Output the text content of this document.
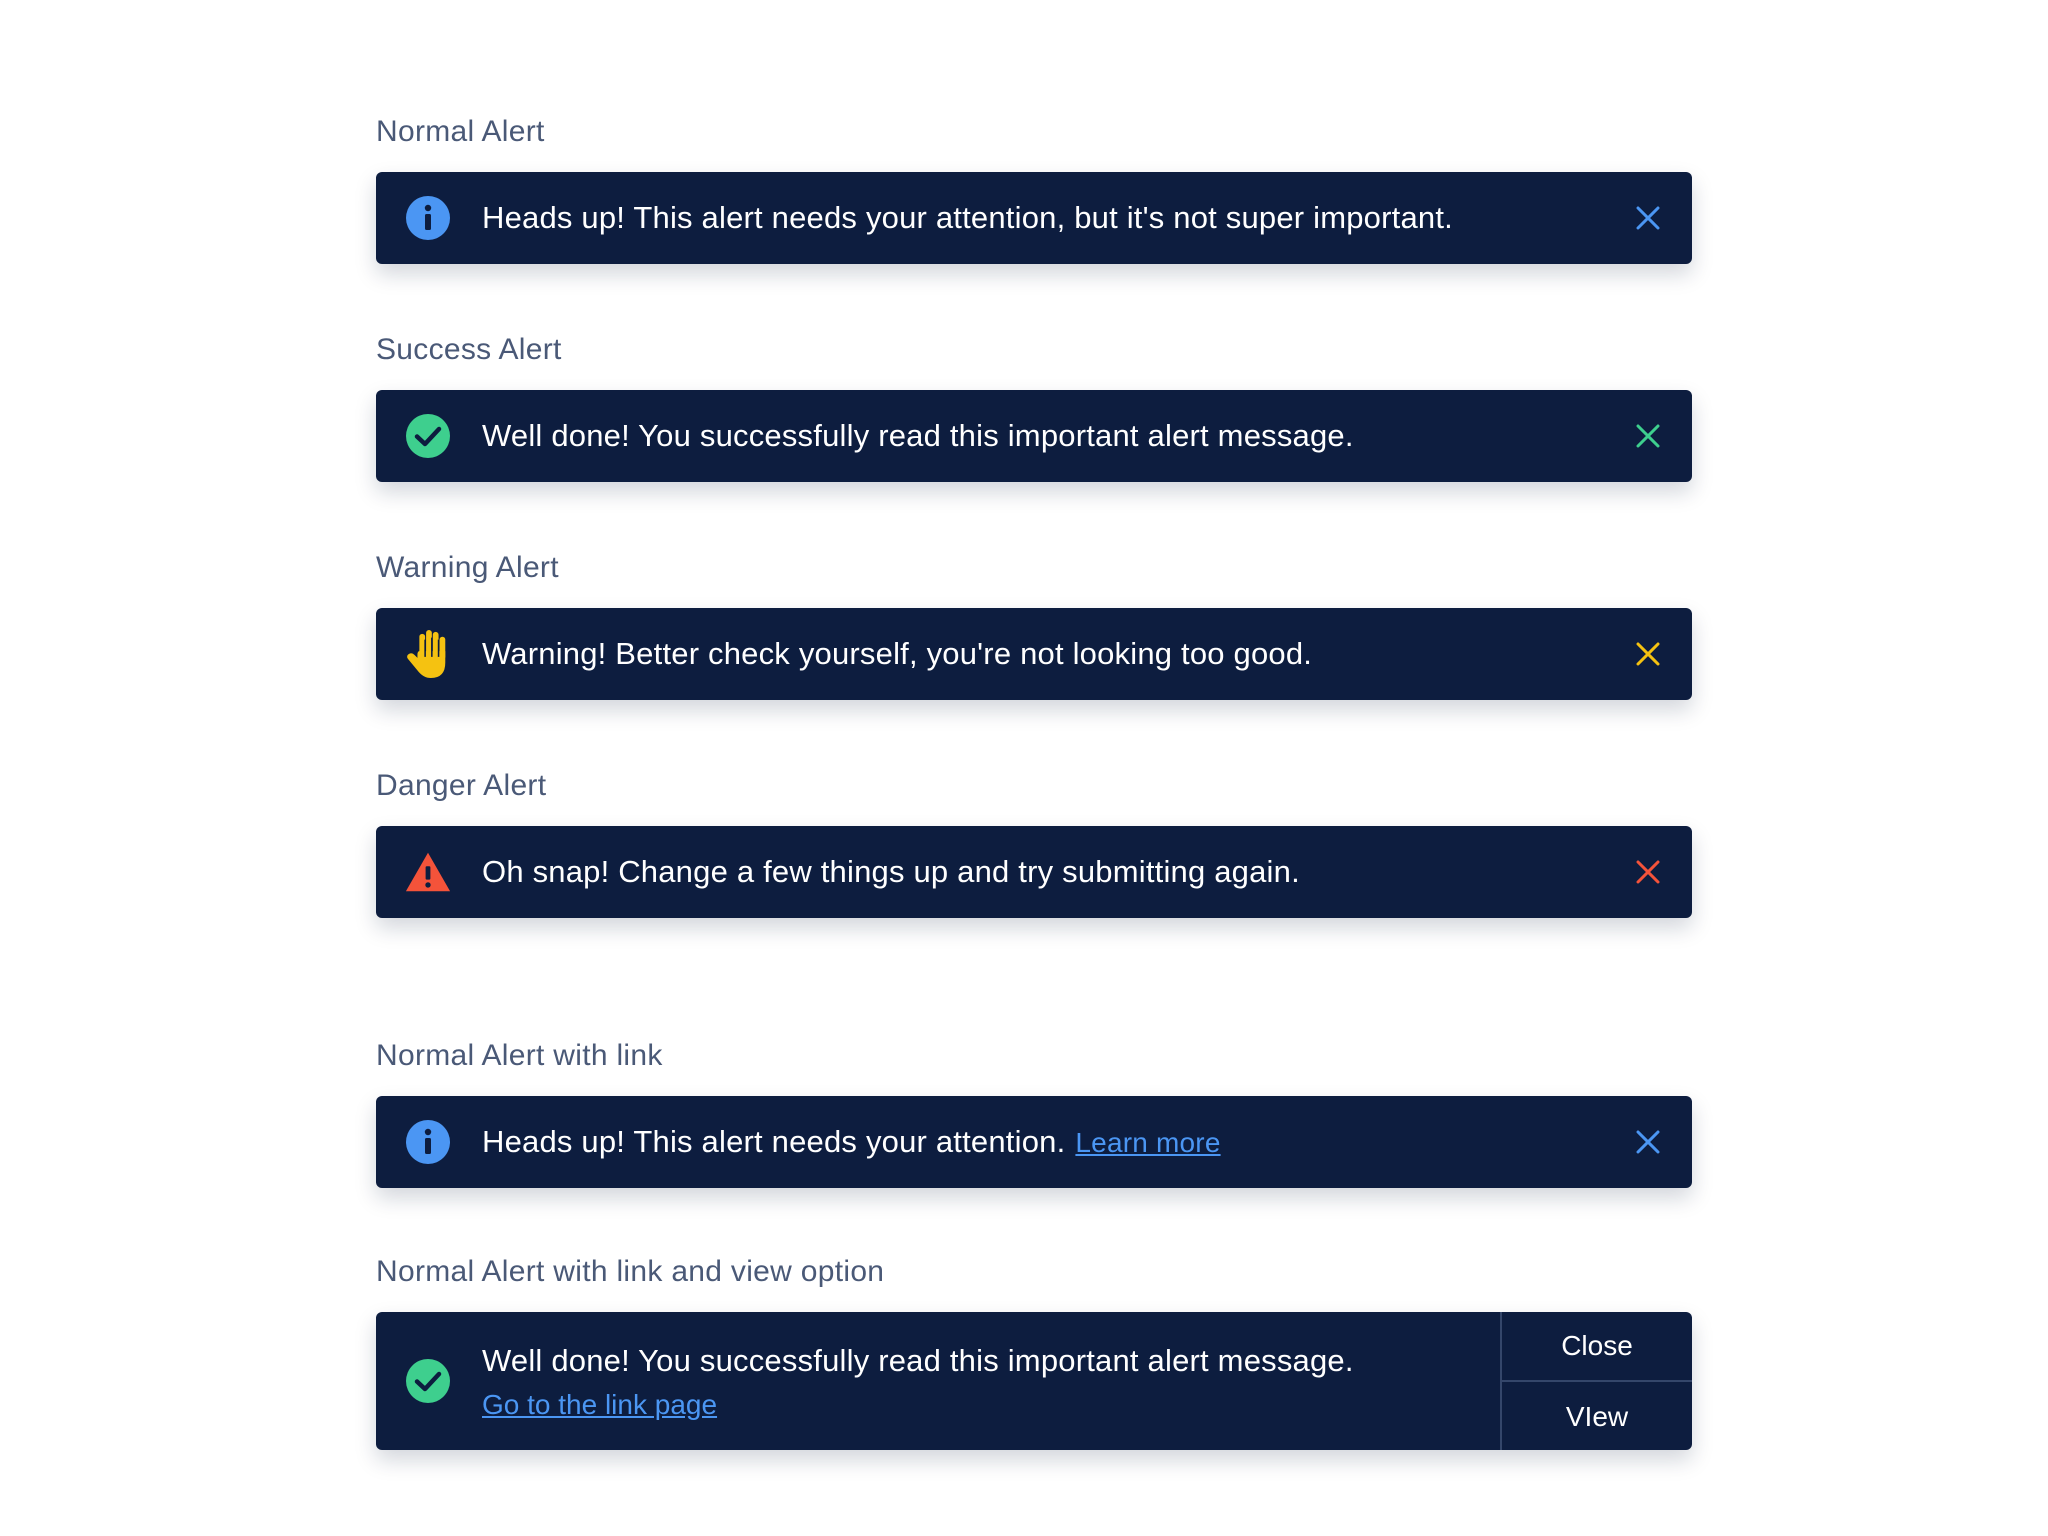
Normal Alert
Heads up! This alert needs your attention, but it's not super important.
Success Alert
Well done! You successfully read this important alert message.
Warning Alert
Warning! Better check yourself, you're not looking too good.
Danger Alert
Oh snap! Change a few things up and try submitting again.
Normal Alert with link
Heads up! This alert needs your attention. Learn more
Normal Alert with link and view option
Well done! You successfully read this important alert message.
Go to the link page
Close
VIew
